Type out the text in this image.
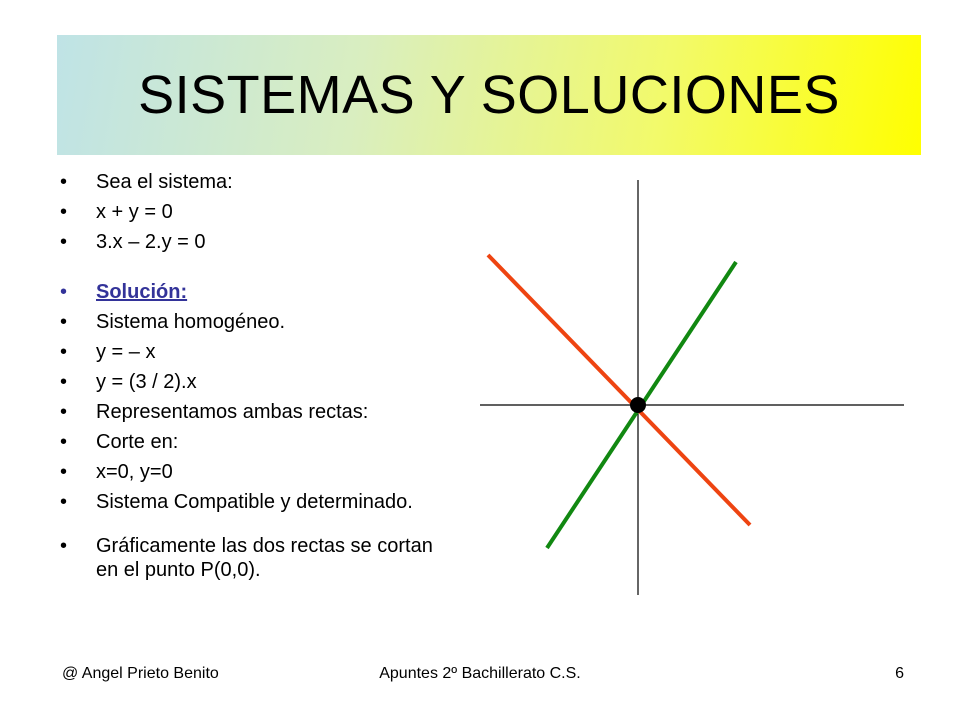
SISTEMAS Y SOLUCIONES
• Sea el sistema:
• x + y = 0
• 3.x – 2.y = 0
• Solución:
• Sistema homogéneo.
• y = – x
• y = (3 / 2).x
• Representamos ambas rectas:
• Corte en:
• x=0, y=0
• Sistema Compatible y determinado.
• Gráficamente las dos rectas se cortan en el punto P(0,0).
@ Angel Prieto Benito	Apuntes 2º Bachillerato C.S.	6
